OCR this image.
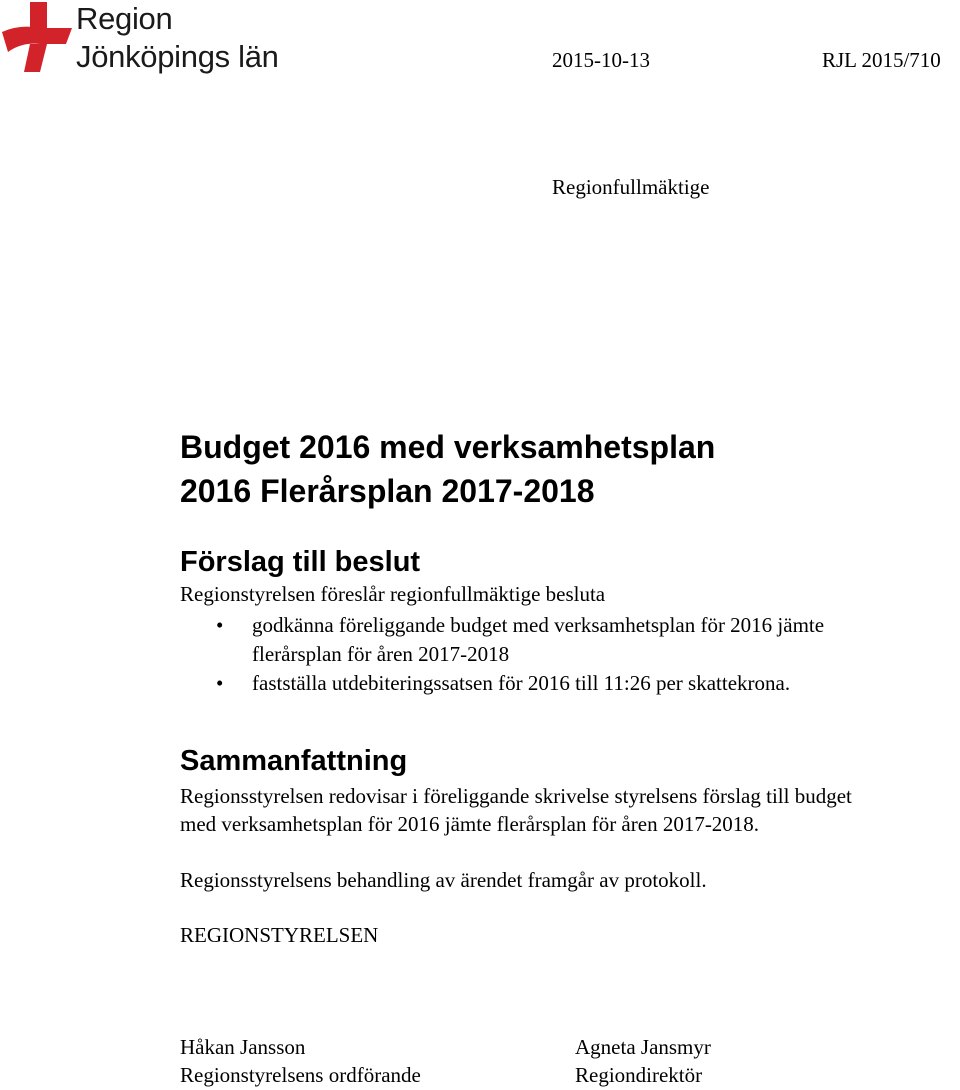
Region
Jönköpings län	2015-10-13	RJL 2015/710
Regionfullmäktige
Budget 2016 med verksamhetsplan
2016 Flerårsplan 2017-2018
Förslag till beslut
Regionstyrelsen föreslår regionfullmäktige besluta
• godkänna föreliggande budget med verksamhetsplan för 2016 jämte
flerårsplan för åren 2017-2018
• fastställa utdebiteringssatsen för 2016 till 11:26 per skattekrona.
Sammanfattning
Regionsstyrelsen redovisar i föreliggande skrivelse styrelsens förslag till budget
med verksamhetsplan för 2016 jämte flerårsplan för åren 2017-2018.
Regionsstyrelsens behandling av ärendet framgår av protokoll.
REGIONSTYRELSEN
Håkan Jansson
Regionstyrelsens ordförande
Agneta Jansmyr
Regiondirektör
